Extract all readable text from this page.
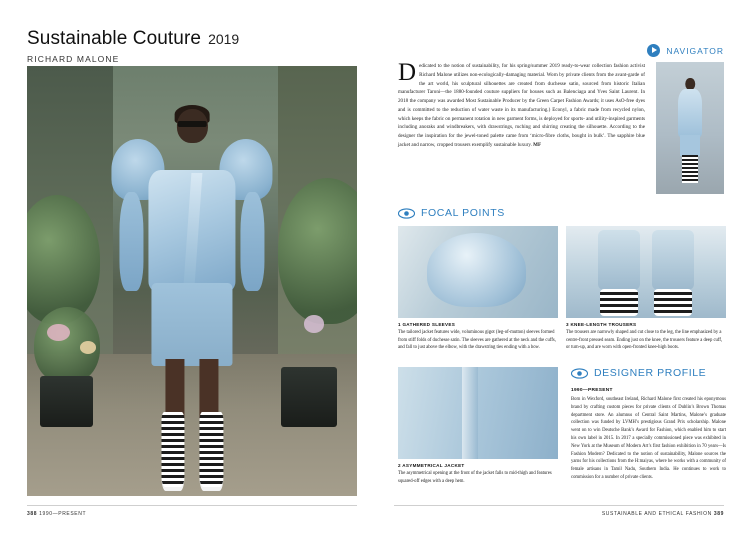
Sustainable Couture 2019
RICHARD MALONE
388 1990—PRESENT
NAVIGATOR
Dedicated to the notion of sustainability, for his spring/summer 2019 ready-to-wear collection fashion activist Richard Malone utilizes non-ecologically-damaging material. Worn by private clients from the avant-garde of the art world, his sculptural silhouettes are created from duchesse satin, sourced from historic Italian manufacturer Taroni—the 1880-founded couture suppliers for houses such as Balenciaga and Yves Saint Laurent. In 2018 the company was awarded Most Sustainable Producer by the Green Carpet Fashion Awards; it uses AsO-free dyes and is committed to the reduction of water waste in its manufacturing.) Econyl, a fabric made from recycled nylon, which keeps the fabric on permanent rotation in new garment forms, is deployed for sports- and utility-inspired garments including anoraks and windbreakers, with drawstrings, ruching and shirring creating the silhouette. According to the designer the inspiration for the jewel-toned palette came from ‘micro-fibre cloths, bought in bulk’. The sapphire blue jacket and narrow, cropped trousers exemplify sustainable luxury. MF
FOCAL POINTS
1 GATHERED SLEEVES
The tailored jacket features wide, voluminous gigot (leg-of-mutton) sleeves formed from stiff folds of duchesse satin. The sleeves are gathered at the neck and the cuffs, and fall to just above the elbow, with the drawstring ties ending with a bow.
3 KNEE-LENGTH TROUSERS
The trousers are narrowly shaped and cut close to the leg, the line emphasized by a centre-front pressed seam. Ending just on the knee, the trousers feature a deep cuff, or turn-up, and are worn with open-fronted knee-high boots.
2 ASYMMETRICAL JACKET
The asymmetrical opening at the front of the jacket falls to mid-thigh and features squared-off edges with a deep hem.
DESIGNER PROFILE
1990—PRESENT
Born in Wexford, southeast Ireland, Richard Malone first created his eponymous brand by crafting custom pieces for private clients of Dublin’s Brown Thomas department store. An alumnus of Central Saint Martins, Malone’s graduate collection was funded by LVMH’s prestigious Grand Prix scholarship. Malone went on to win Deutsche Bank’s Award for Fashion, which enabled him to start his own label in 2015. In 2017 a specially commissioned piece was exhibited in New York at the Museum of Modern Art’s first fashion exhibition in 70 years—Is Fashion Modern? Dedicated to the notion of sustainability, Malone sources the yarns for his collections from the H:maiyas, where he works with a community of female artisans in Tamil Nadu, Southern India. He continues to work to commission for a number of private clients.
SUSTAINABLE AND ETHICAL FASHION 389
